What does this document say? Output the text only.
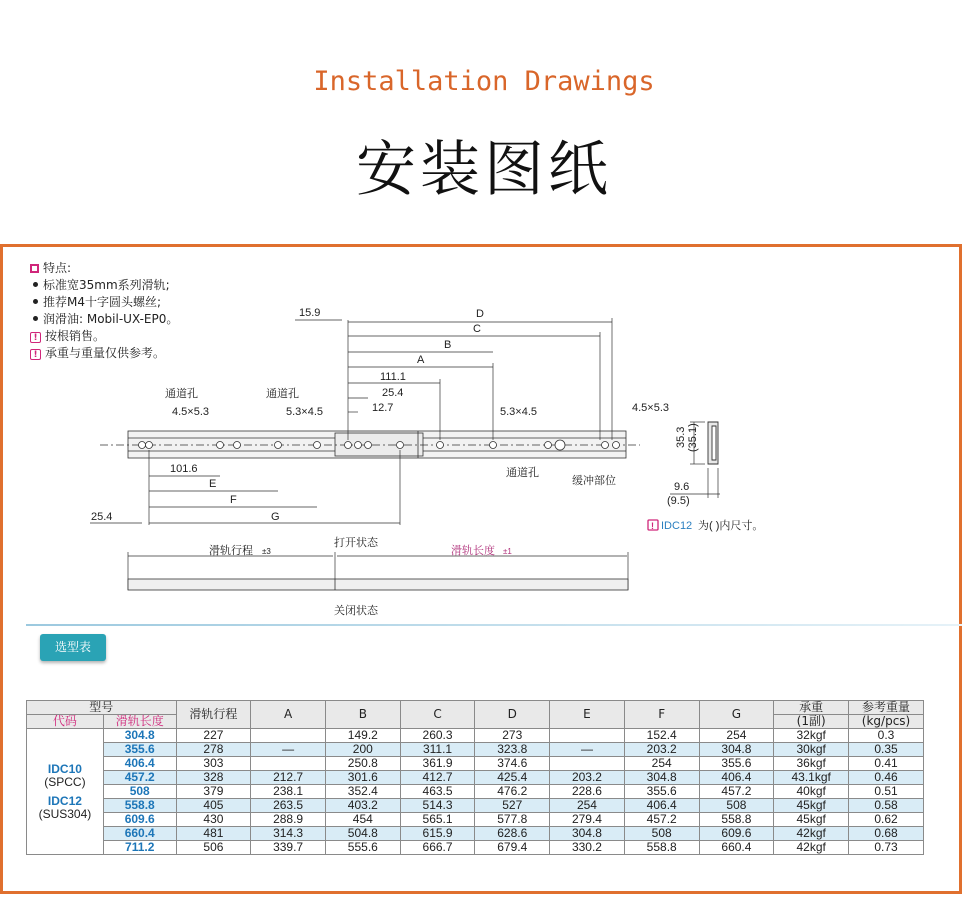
Installation Drawings
安装图纸
特点:
标准宽35mm系列滑轨;
推荐M4十字圆头螺丝;
润滑油: Mobil-UX-EP0。
! 按根销售。
! 承重与重量仅供参考。
15.9	D
C
B
A
111.1
25.4
12.7
通道孔
4.5×5.3
通道孔
5.3×4.5	5.3×4.5	4.5×5.3
通道孔
缓冲部位
101.6
E
F
G
25.4
35.3 (35.1)
9.6
(9.5)
! IDC12 为( )内尺寸。
打开状态
滑轨行程 ±3	滑轨长度 ±1
关闭状态
选型表
型号		滑轨行程	A	B	C	D	E	F	G	承重	参考重量
代码	滑轨长度									(1副)	(kg/pcs)

IDC10
(SPCC)
IDC12
(SUS304)	304.8	227		149.2	260.3	273		152.4	254	32kgf	0.3
	355.6	278	—	200	311.1	323.8	—	203.2	304.8	30kgf	0.35
	406.4	303		250.8	361.9	374.6		254	355.6	36kgf	0.41
	457.2	328	212.7	301.6	412.7	425.4	203.2	304.8	406.4	43.1kgf	0.46
	508	379	238.1	352.4	463.5	476.2	228.6	355.6	457.2	40kgf	0.51
	558.8	405	263.5	403.2	514.3	527	254	406.4	508	45kgf	0.58
	609.6	430	288.9	454	565.1	577.8	279.4	457.2	558.8	45kgf	0.62
	660.4	481	314.3	504.8	615.9	628.6	304.8	508	609.6	42kgf	0.68
	711.2	506	339.7	555.6	666.7	679.4	330.2	558.8	660.4	42kgf	0.73
